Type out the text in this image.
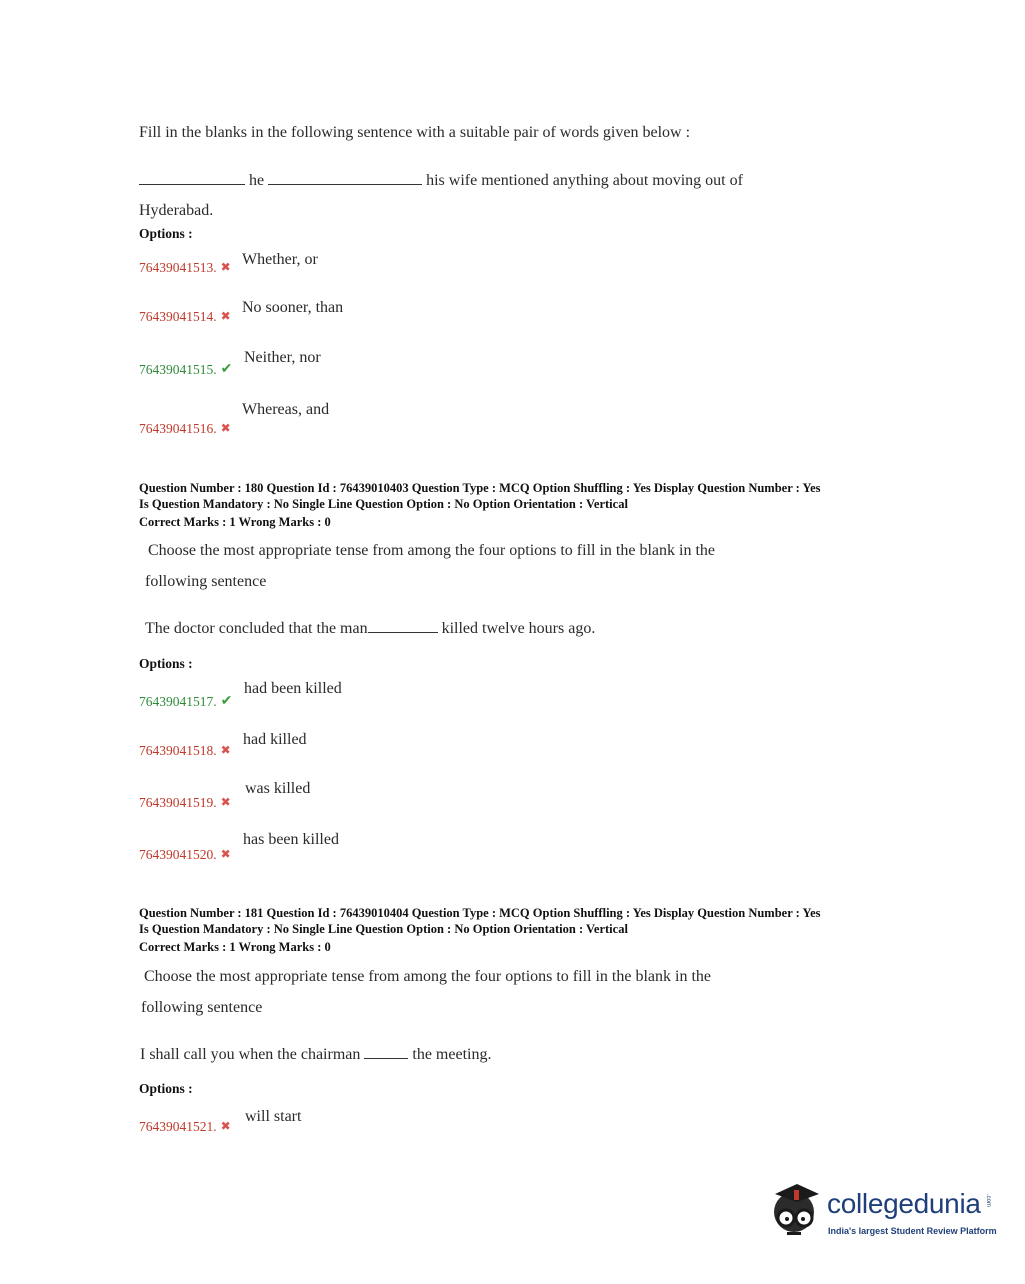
Fill in the blanks in the following sentence with a suitable pair of words given below :
he	his wife mentioned anything about moving out of
Hyderabad.
Options :
76439041513. ✖ Whether, or
76439041514. ✖ No sooner, than
76439041515. ✔
Neither, nor
76439041516. ✖
Whereas, and
Question Number : 180 Question Id : 76439010403 Question Type : MCQ Option Shuffling : Yes Display Question Number : Yes
Is Question Mandatory : No Single Line Question Option : No Option Orientation : Vertical
Correct Marks : 1 Wrong Marks : 0
Choose the most appropriate tense from among the four options to fill in the blank in the
following sentence
The doctor concluded that the man	killed twelve hours ago.
Options :
76439041517. ✔
had been killed
76439041518. ✖
had killed
76439041519. ✖
was killed
76439041520. ✖
has been killed
Question Number : 181 Question Id : 76439010404 Question Type : MCQ Option Shuffling : Yes Display Question Number : Yes
Is Question Mandatory : No Single Line Question Option : No Option Orientation : Vertical
Correct Marks : 1 Wrong Marks : 0
Choose the most appropriate tense from among the four options to fill in the blank in the
following sentence
I shall call you when the chairman	the meeting.
Options :
76439041521. ✖
will start
collegedunia .com
India's largest Student Review Platform
